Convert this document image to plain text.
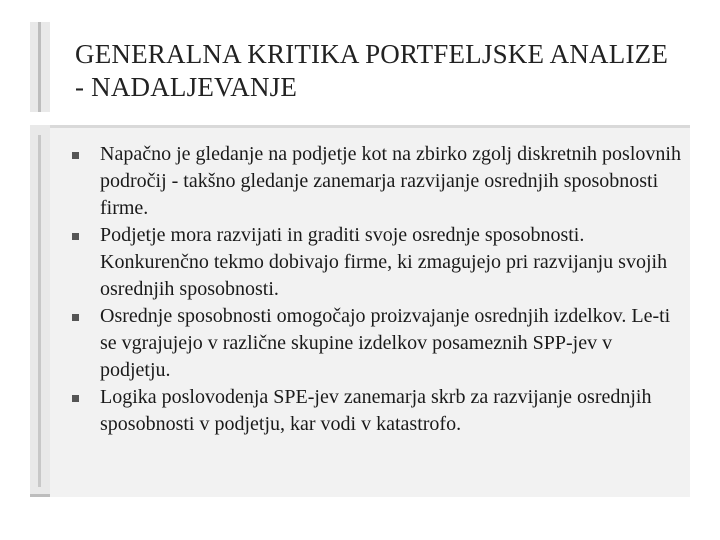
GENERALNA KRITIKA PORTFELJSKE ANALIZE - NADALJEVANJE
Napačno je gledanje na podjetje kot na zbirko zgolj diskretnih poslovnih področij - takšno gledanje zanemarja razvijanje osrednjih sposobnosti firme.
Podjetje mora razvijati in graditi svoje osrednje sposobnosti. Konkurenčno tekmo dobivajo firme, ki zmagujejo pri razvijanju svojih osrednjih sposobnosti.
Osrednje sposobnosti omogočajo proizvajanje osrednjih izdelkov. Le-ti se vgrajujejo v različne skupine izdelkov posameznih SPP-jev v podjetju.
Logika poslovodenja SPE-jev zanemarja skrb za razvijanje osrednjih sposobnosti v podjetju, kar vodi v katastrofo.
